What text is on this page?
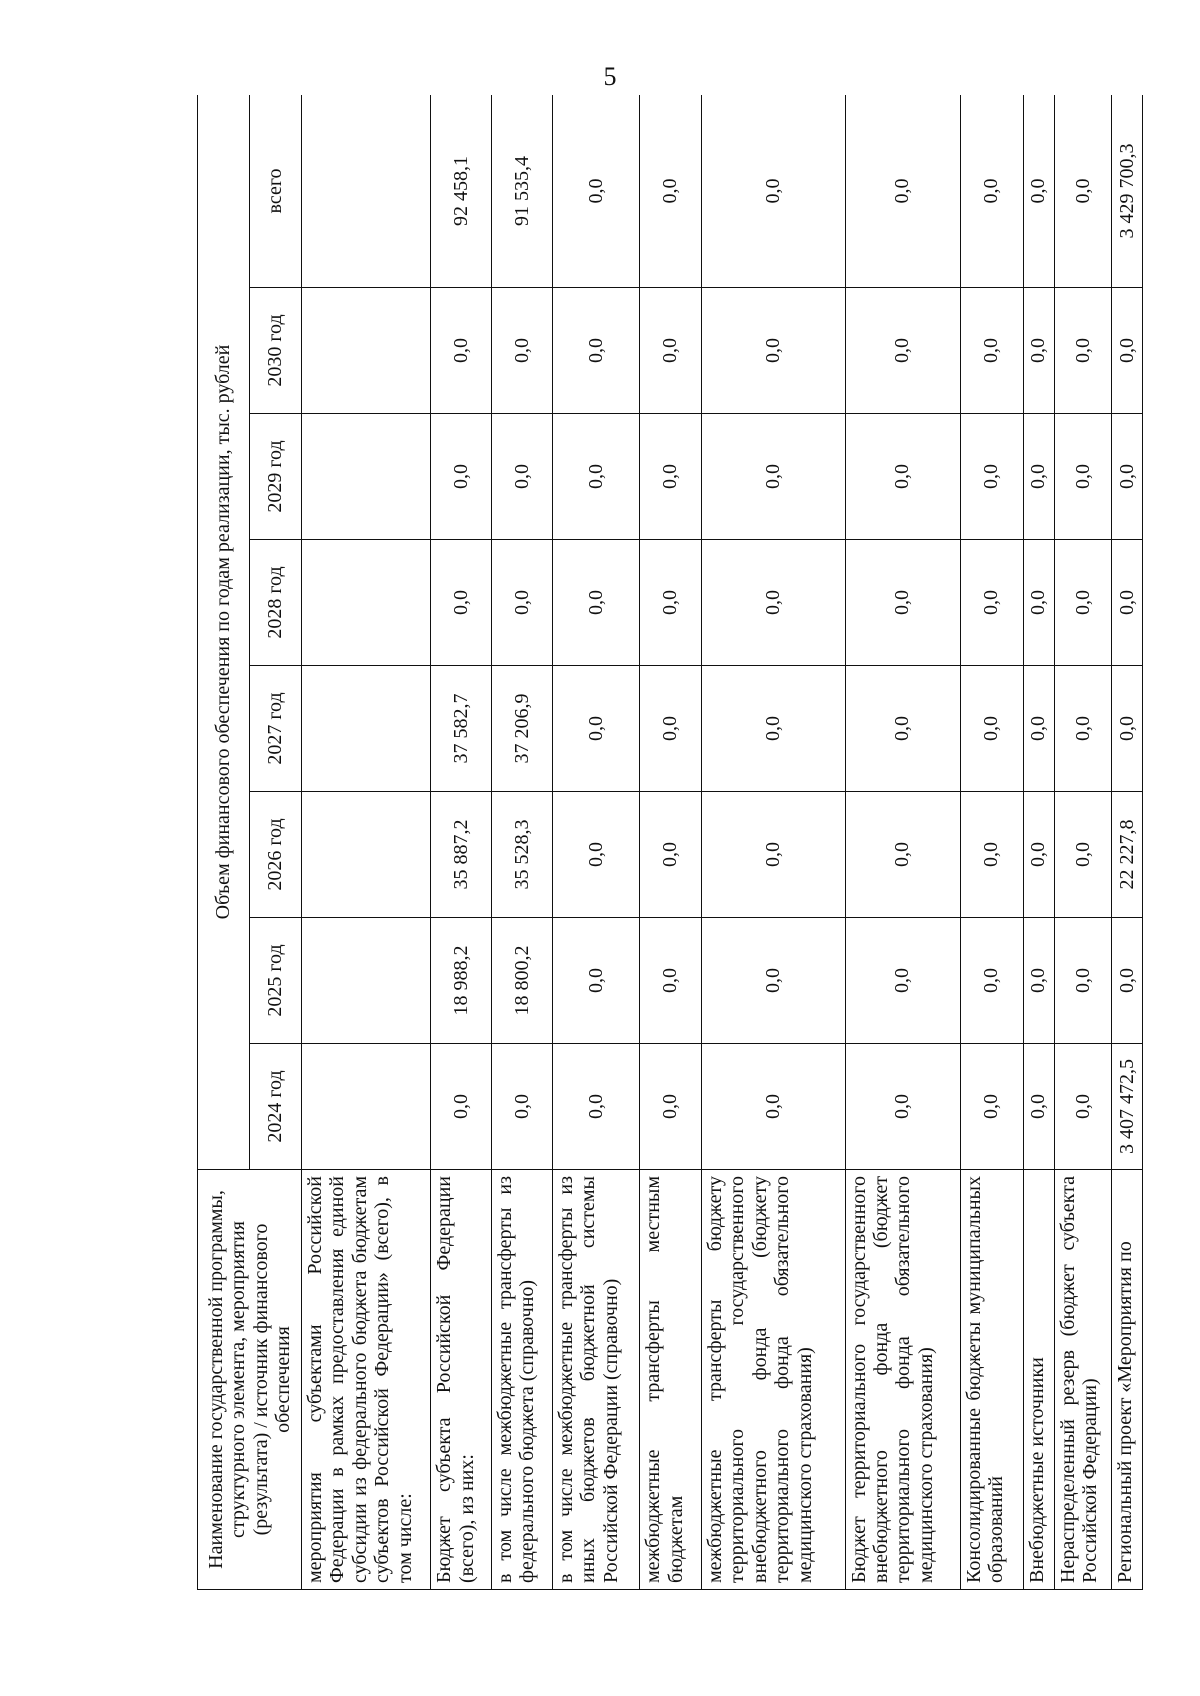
5
Наименование государственной программы, структурного элемента, мероприятия (результата) / источник финансового обеспечения	Объем финансового обеспечения по годам реализации, тыс. рублей							
	2024 год	2025 год	2026 год	2027 год	2028 год	2029 год	2030 год	всего
мероприятия субъектами Российской Федерации в рамках предоставления единой субсидии из федерального бюджета бюджетам субъектов Российской Федерации» (всего), в том числе:								
Бюджет субъекта Российской Федерации (всего), из них:	0,0	18 988,2	35 887,2	37 582,7	0,0	0,0	0,0	92 458,1
в том числе межбюджетные трансферты из федерального бюджета (справочно)	0,0	18 800,2	35 528,3	37 206,9	0,0	0,0	0,0	91 535,4
в том числе межбюджетные трансферты из иных бюджетов бюджетной системы Российской Федерации (справочно)	0,0	0,0	0,0	0,0	0,0	0,0	0,0	0,0
межбюджетные трансферты местным бюджетам	0,0	0,0	0,0	0,0	0,0	0,0	0,0	0,0
межбюджетные трансферты бюджету территориального государственного внебюджетного фонда (бюджету территориального фонда обязательного медицинского страхования)	0,0	0,0	0,0	0,0	0,0	0,0	0,0	0,0
Бюджет территориального государственного внебюджетного фонда (бюджет территориального фонда обязательного медицинского страхования)	0,0	0,0	0,0	0,0	0,0	0,0	0,0	0,0
Консолидированные бюджеты муниципальных образований	0,0	0,0	0,0	0,0	0,0	0,0	0,0	0,0
Внебюджетные источники	0,0	0,0	0,0	0,0	0,0	0,0	0,0	0,0
Нераспределенный резерв (бюджет субъекта Российской Федерации)	0,0	0,0	0,0	0,0	0,0	0,0	0,0	0,0
Региональный проект «Мероприятия по	3 407 472,5	0,0	22 227,8	0,0	0,0	0,0	0,0	3 429 700,3
